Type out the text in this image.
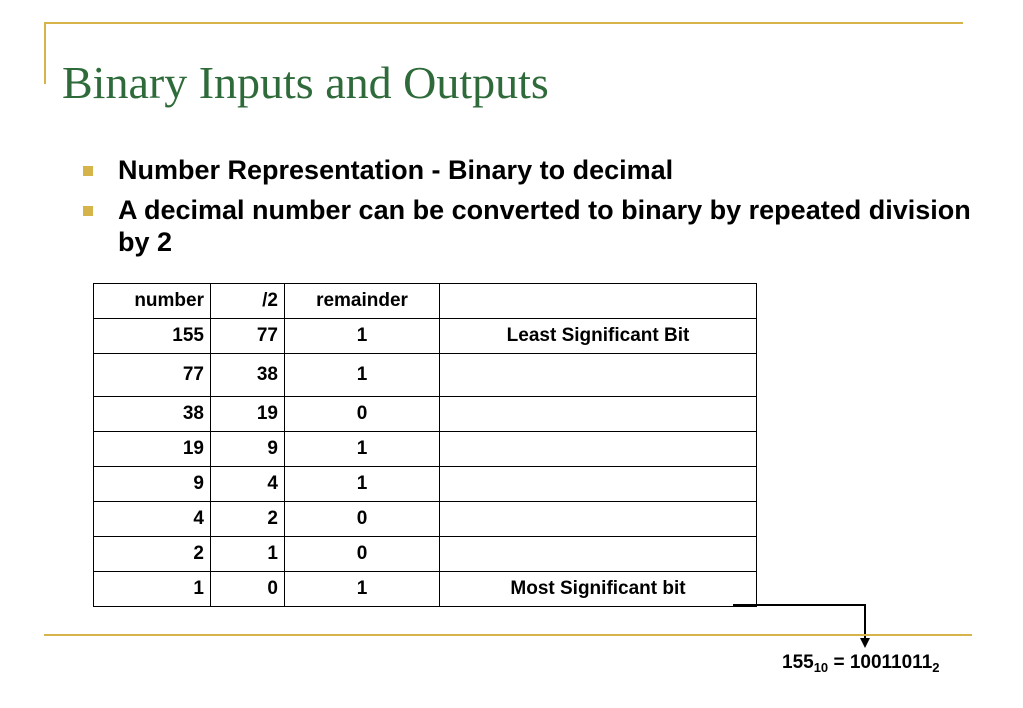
Binary Inputs and Outputs
Number Representation - Binary to decimal
A decimal number can be converted to binary by repeated division by 2
number	/2	remainder	
155	77	1	Least Significant Bit
77	38	1	
38	19	0	
19	9	1	
9	4	1	
4	2	0	
2	1	0	
1	0	1	Most Significant bit
$155_{10} = 10011011_2$
